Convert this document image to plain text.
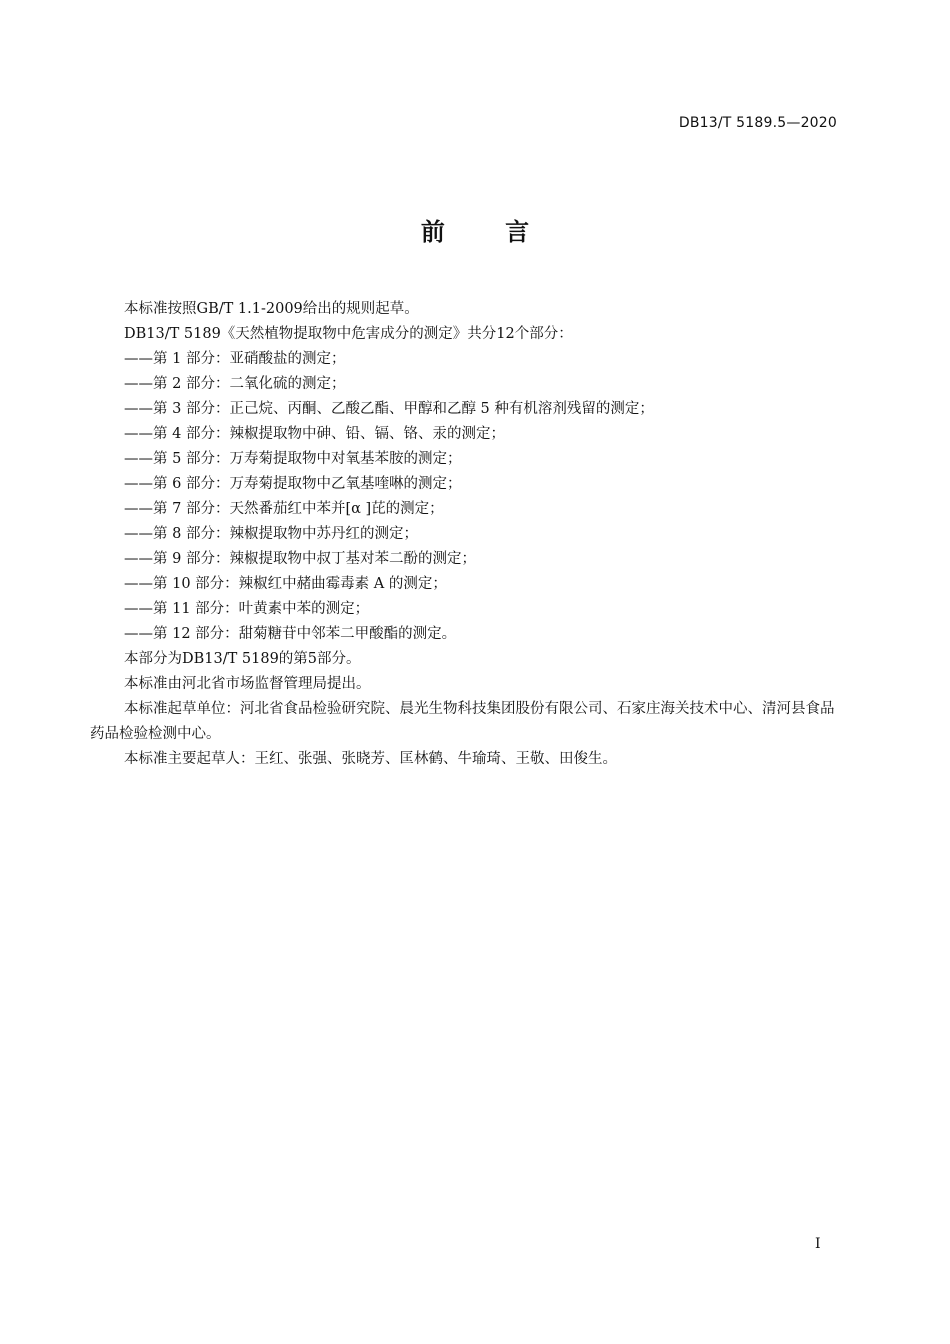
DB13/T 5189.5—2020
前 言

本标准按照GB/T 1.1-2009给出的规则起草。

DB13/T 5189《天然植物提取物中危害成分的测定》共分12个部分：

——第 1 部分：亚硝酸盐的测定；

——第 2 部分：二氧化硫的测定；

——第 3 部分：正己烷、丙酮、乙酸乙酯、甲醇和乙醇 5 种有机溶剂残留的测定；

——第 4 部分：辣椒提取物中砷、铅、镉、铬、汞的测定；

——第 5 部分：万寿菊提取物中对氧基苯胺的测定；

——第 6 部分：万寿菊提取物中乙氧基喹啉的测定；

——第 7 部分：天然番茄红中苯并[α ]芘的测定；

——第 8 部分：辣椒提取物中苏丹红的测定；

——第 9 部分：辣椒提取物中叔丁基对苯二酚的测定；

——第 10 部分：辣椒红中赭曲霉毒素 A 的测定；

——第 11 部分：叶黄素中苯的测定；

——第 12 部分：甜菊糖苷中邻苯二甲酸酯的测定。

本部分为DB13/T 5189的第5部分。

本标准由河北省市场监督管理局提出。

本标准起草单位：河北省食品检验研究院、晨光生物科技集团股份有限公司、石家庄海关技术中心、清河县食品药品检验检测中心。

本标准主要起草人：王红、张强、张晓芳、匡林鹤、牛瑜琦、王敬、田俊生。

I
